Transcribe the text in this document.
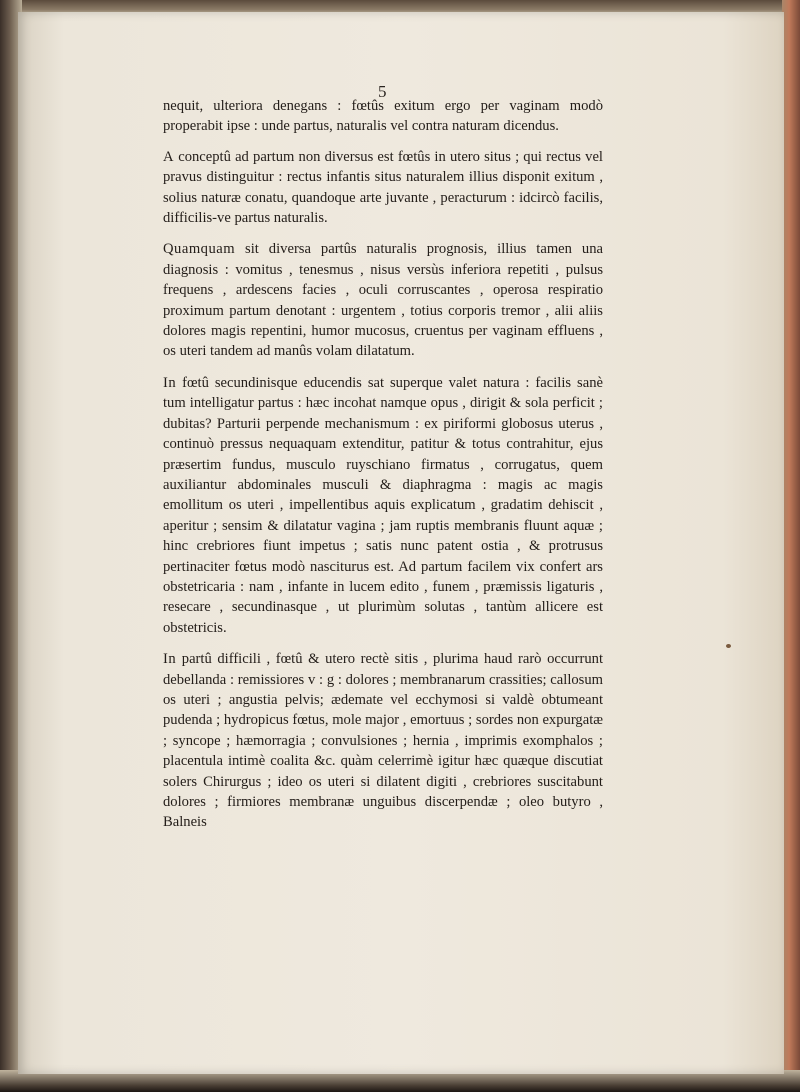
5

nequit, ulteriora denegans : fœtûs exitum ergo per vaginam modò properabit ipse : unde partus, naturalis vel contra naturam dicendus.

A conceptû ad partum non diversus est fœtûs in utero situs ; qui rectus vel pravus distinguitur : rectus infantis situs naturalem illius disponit exitum , solius naturæ conatu, quandoque arte juvante , peracturum : idcircò facilis, difficilis-ve partus naturalis.

Quamquam sit diversa partûs naturalis prognosis, illius tamen una diagnosis : vomitus , tenesmus , nisus versùs inferiora repetiti , pulsus frequens , ardescens facies , oculi corruscantes , operosa respiratio proximum partum denotant : urgentem , totius corporis tremor , alii aliis dolores magis repentini, humor mucosus, cruentus per vaginam effluens , os uteri tandem ad manûs volam dilatatum.

In fœtû secundinisque educendis sat superque valet natura : facilis sanè tum intelligatur partus : hæc incohat namque opus , dirigit & sola perficit ; dubitas? Parturii perpende mechanismum : ex piriformi globosus uterus , continuò pressus nequaquam extenditur, patitur & totus contrahitur, ejus præsertim fundus, musculo ruyschiano firmatus , corrugatus, quem auxiliantur abdominales musculi & diaphragma : magis ac magis emollitum os uteri , impellentibus aquis explicatum , gradatim dehiscit , aperitur ; sensim & dilatatur vagina ; jam ruptis membranis fluunt aquæ ; hinc crebriores fiunt impetus ; satis nunc patent ostia , & protrusus pertinaciter fœtus modò nasciturus est. Ad partum facilem vix confert ars obstetricaria : nam , infante in lucem edito , funem , præmissis ligaturis , resecare , secundinasque , ut plurimùm solutas , tantùm allicere est obstetricis.

In partû difficili , fœtû & utero rectè sitis , plurima haud rarò occurrunt debellanda : remissiores v : g : dolores ; membranarum crassities; callosum os uteri ; angustia pelvis; ædemate vel ecchymosi si valdè obtumeant pudenda ; hydropicus fœtus, mole major , emortuus ; sordes non expurgatæ ; syncope ; hæmorragia ; convulsiones ; hernia , imprimis exomphalos ; placentula intimè coalita &c. quàm celerrimè igitur hæc quæque discutiat solers Chirurgus ; ideo os uteri si dilatent digiti , crebriores suscitabunt dolores ; firmiores membranæ unguibus discerpendæ ; oleo butyro , Balneis
